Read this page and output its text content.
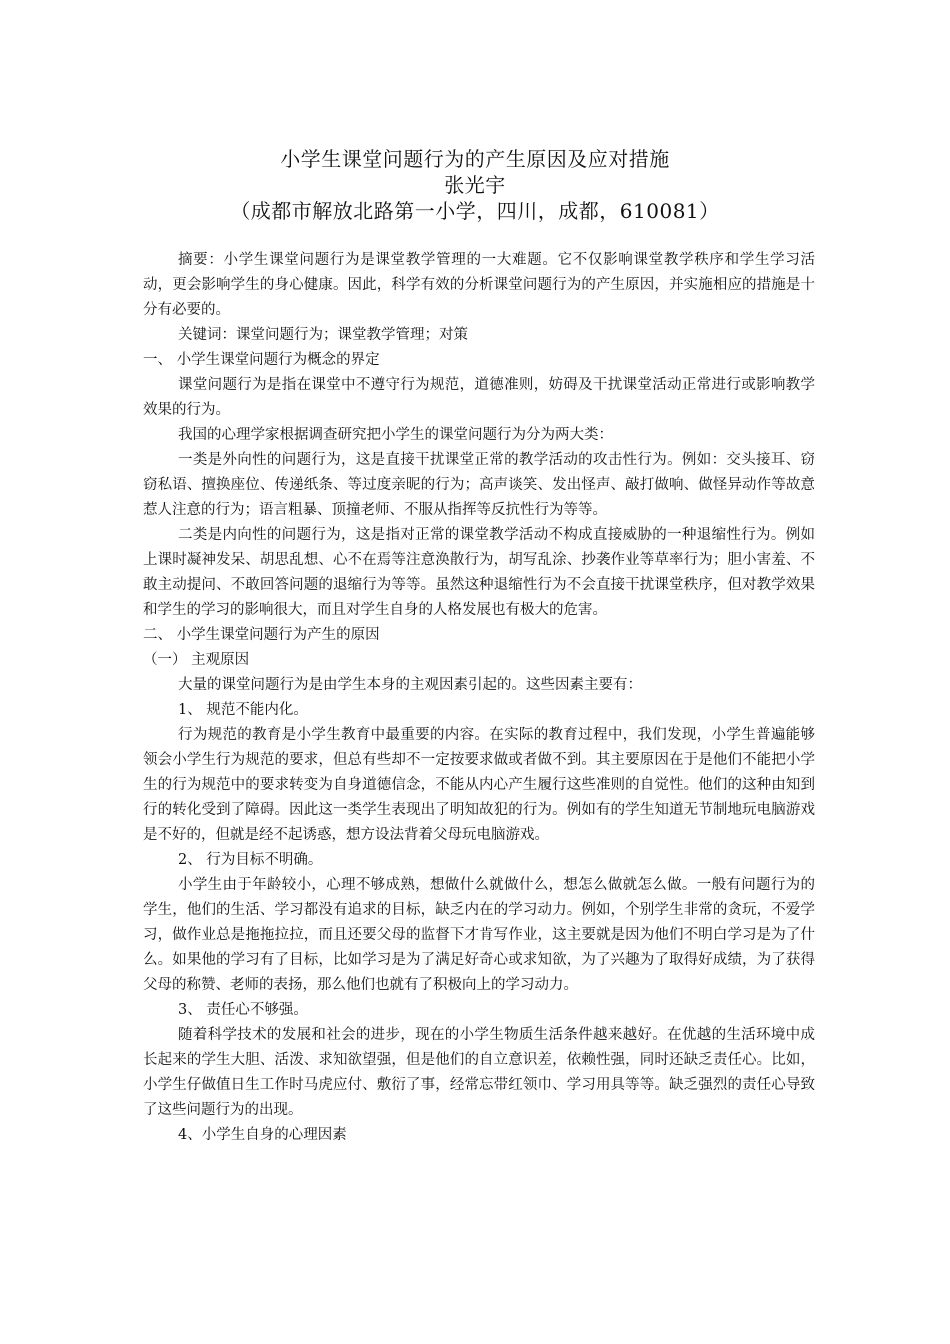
小学生课堂问题行为的产生原因及应对措施
张光宇
（成都市解放北路第一小学，四川，成都，610081）

摘要：小学生课堂问题行为是课堂教学管理的一大难题。它不仅影响课堂教学秩序和学生学习活动，更会影响学生的身心健康。因此，科学有效的分析课堂问题行为的产生原因，并实施相应的措施是十分有必要的。

关键词：课堂问题行为；课堂教学管理；对策

一、 小学生课堂问题行为概念的界定

课堂问题行为是指在课堂中不遵守行为规范，道德准则，妨碍及干扰课堂活动正常进行或影响教学效果的行为。

我国的心理学家根据调查研究把小学生的课堂问题行为分为两大类：

一类是外向性的问题行为，这是直接干扰课堂正常的教学活动的攻击性行为。例如：交头接耳、窃窃私语、擅换座位、传递纸条、等过度亲昵的行为；高声谈笑、发出怪声、敲打做响、做怪异动作等故意惹人注意的行为；语言粗暴、顶撞老师、不服从指挥等反抗性行为等等。

二类是内向性的问题行为，这是指对正常的课堂教学活动不构成直接威胁的一种退缩性行为。例如上课时凝神发呆、胡思乱想、心不在焉等注意涣散行为，胡写乱涂、抄袭作业等草率行为；胆小害羞、不敢主动提问、不敢回答问题的退缩行为等等。虽然这种退缩性行为不会直接干扰课堂秩序，但对教学效果和学生的学习的影响很大，而且对学生自身的人格发展也有极大的危害。

二、 小学生课堂问题行为产生的原因

（一） 主观原因

大量的课堂问题行为是由学生本身的主观因素引起的。这些因素主要有：

1、 规范不能内化。

行为规范的教育是小学生教育中最重要的内容。在实际的教育过程中，我们发现，小学生普遍能够领会小学生行为规范的要求，但总有些却不一定按要求做或者做不到。其主要原因在于是他们不能把小学生的行为规范中的要求转变为自身道德信念，不能从内心产生履行这些准则的自觉性。他们的这种由知到行的转化受到了障碍。因此这一类学生表现出了明知故犯的行为。例如有的学生知道无节制地玩电脑游戏是不好的，但就是经不起诱惑，想方设法背着父母玩电脑游戏。

2、 行为目标不明确。

小学生由于年龄较小，心理不够成熟，想做什么就做什么，想怎么做就怎么做。一般有问题行为的学生，他们的生活、学习都没有追求的目标，缺乏内在的学习动力。例如，个别学生非常的贪玩，不爱学习，做作业总是拖拖拉拉，而且还要父母的监督下才肯写作业，这主要就是因为他们不明白学习是为了什么。如果他的学习有了目标，比如学习是为了满足好奇心或求知欲，为了兴趣为了取得好成绩，为了获得父母的称赞、老师的表扬，那么他们也就有了积极向上的学习动力。

3、 责任心不够强。

随着科学技术的发展和社会的进步，现在的小学生物质生活条件越来越好。在优越的生活环境中成长起来的学生大胆、活泼、求知欲望强，但是他们的自立意识差，依赖性强，同时还缺乏责任心。比如，小学生仔做值日生工作时马虎应付、敷衍了事，经常忘带红领巾、学习用具等等。缺乏强烈的责任心导致了这些问题行为的出现。

4、小学生自身的心理因素
